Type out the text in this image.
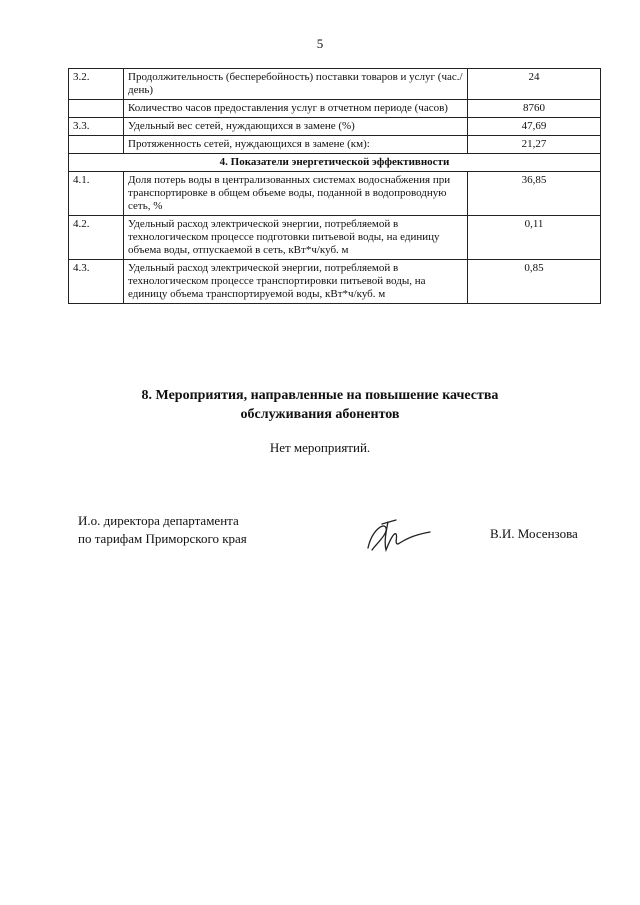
5
3.2.	Продолжительность (бесперебойность) поставки товаров и услуг (час./день)	24
	Количество часов предоставления услуг в отчетном периоде (часов)	8760
3.3.	Удельный вес сетей, нуждающихся в замене (%)	47,69
	Протяженность сетей, нуждающихся в замене (км):	21,27
4. Показатели энергетической эффективности		
4.1.	Доля потерь воды в централизованных системах водоснабжения при транспортировке в общем объеме воды, поданной в водопроводную сеть, %	36,85
4.2.	Удельный расход электрической энергии, потребляемой в технологическом процессе подготовки питьевой воды, на единицу объема воды, отпускаемой в сеть, кВт*ч/куб. м	0,11
4.3.	Удельный расход электрической энергии, потребляемой в технологическом процессе транспортировки питьевой воды, на единицу объема транспортируемой воды, кВт*ч/куб. м	0,85
8. Мероприятия, направленные на повышение качества
обслуживания абонентов
Нет мероприятий.
И.о. директора департамента
по тарифам Приморского края	В.И. Мосензова
